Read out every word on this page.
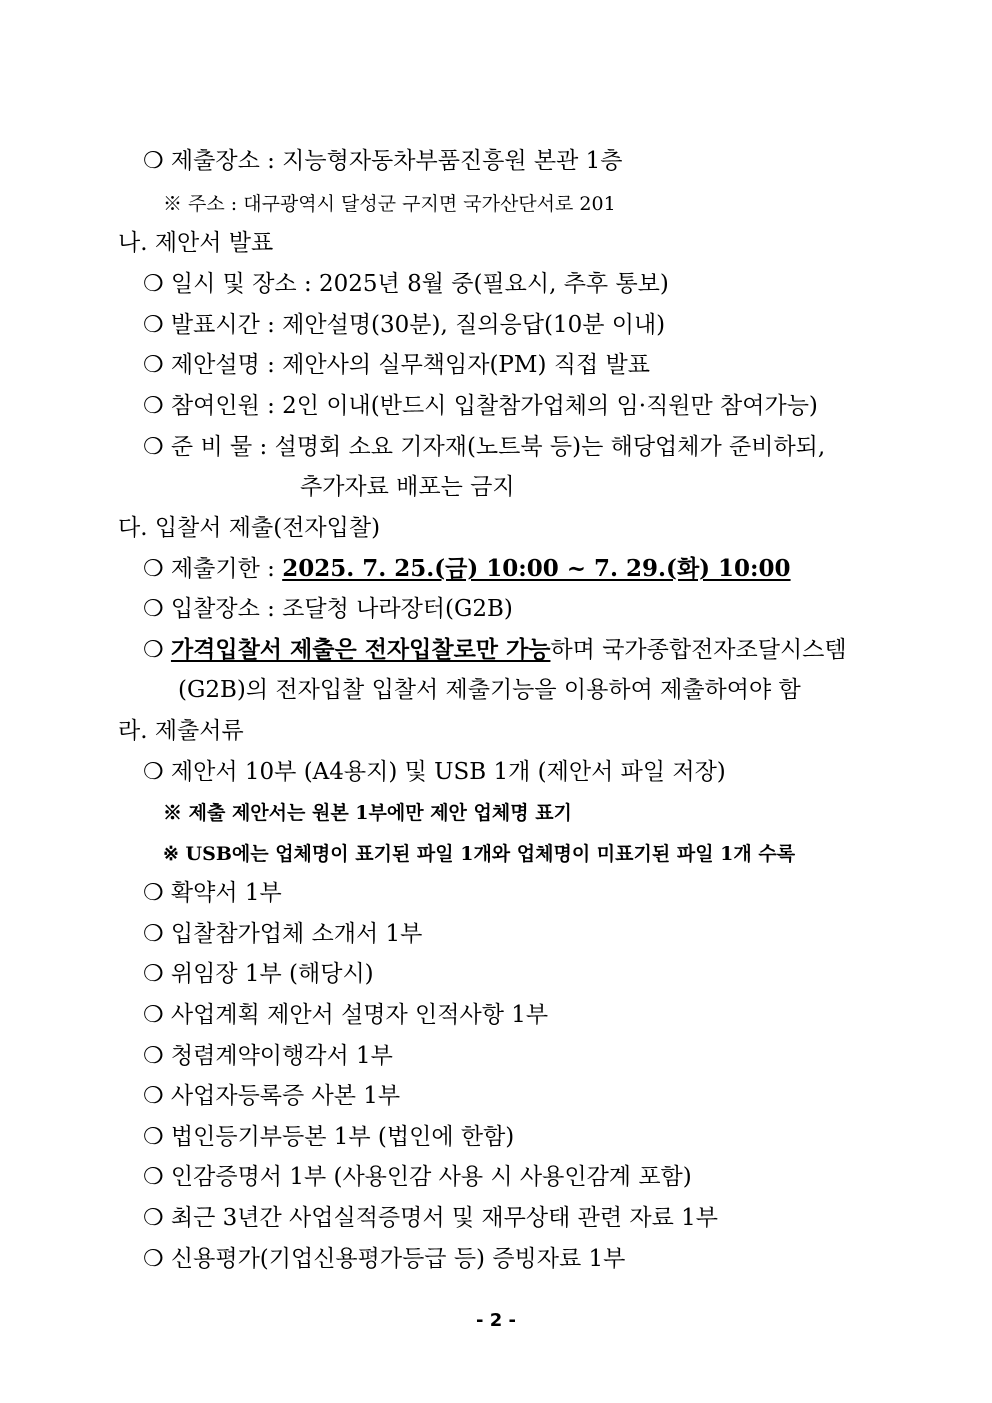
❍ 제출장소 : 지능형자동차부품진흥원 본관 1층
※ 주소 : 대구광역시 달성군 구지면 국가산단서로 201
나. 제안서 발표
❍ 일시 및 장소 : 2025년 8월 중(필요시, 추후 통보)
❍ 발표시간 : 제안설명(30분), 질의응답(10분 이내)
❍ 제안설명 : 제안사의 실무책임자(PM) 직접 발표
❍ 참여인원 : 2인 이내(반드시 입찰참가업체의 임·직원만 참여가능)
❍ 준 비 물 : 설명회 소요 기자재(노트북 등)는 해당업체가 준비하되,
추가자료 배포는 금지
다. 입찰서 제출(전자입찰)
❍ 제출기한 : 2025. 7. 25.(금) 10:00 ~ 7. 29.(화) 10:00
❍ 입찰장소 : 조달청 나라장터(G2B)
❍ 가격입찰서 제출은 전자입찰로만 가능하며 국가종합전자조달시스템
(G2B)의 전자입찰 입찰서 제출기능을 이용하여 제출하여야 함
라. 제출서류
❍ 제안서 10부 (A4용지) 및 USB 1개 (제안서 파일 저장)
※ 제출 제안서는 원본 1부에만 제안 업체명 표기
※ USB에는 업체명이 표기된 파일 1개와 업체명이 미표기된 파일 1개 수록
❍ 확약서 1부
❍ 입찰참가업체 소개서 1부
❍ 위임장 1부 (해당시)
❍ 사업계획 제안서 설명자 인적사항 1부
❍ 청렴계약이행각서 1부
❍ 사업자등록증 사본 1부
❍ 법인등기부등본 1부 (법인에 한함)
❍ 인감증명서 1부 (사용인감 사용 시 사용인감계 포함)
❍ 최근 3년간 사업실적증명서 및 재무상태 관련 자료 1부
❍ 신용평가(기업신용평가등급 등) 증빙자료 1부
- 2 -
